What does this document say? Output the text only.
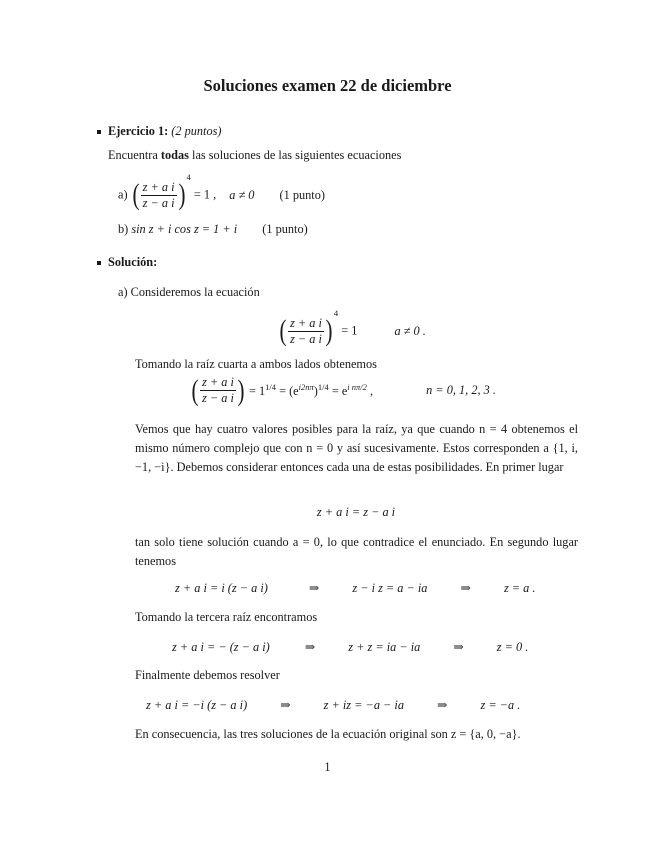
Soluciones examen 22 de diciembre
Ejercicio 1: (2 puntos)
Encuentra todas las soluciones de las siguientes ecuaciones
a) ( $\frac{\text{z + a i}}{\text{z − a i}} )^4 = 1$ , a ≠ 0 (1 punto)
b) sin z + i cos z = 1 + i (1 punto)
Solución:
a) Consideremos la ecuación
( $\frac{\text{z + a i}}{\text{z − a i}} )^4 = 1$	a ≠ 0 .
Tomando la raíz cuarta a ambos lados obtenemos
( $\frac{\text{z + a i}}{\text{z − a i}}$ ) = $1^{1/4} = (e^{i2n\pi})^{1/4} = e^{i n\pi/2}$ ,	n = 0, 1, 2, 3 .
Vemos que hay cuatro valores posibles para la raíz, ya que cuando n = 4 obtenemos el mismo número complejo que con n = 0 y así sucesivamente. Estos corresponden a {1, i, −1, −i}. Debemos considerar entonces cada una de estas posibilidades. En primer lugar
z + a i = z − a i
tan solo tiene solución cuando a = 0, lo que contradice el enunciado. En segundo lugar tenemos
z + a i = i (z − a i)	⇒	z − i z = a − ia	⇒	z = a .
Tomando la tercera raíz encontramos
z + a i = − (z − a i)	⇒	z + z = ia − ia	⇒	z = 0 .
Finalmente debemos resolver
z + a i = −i (z − a i)	⇒	z + iz = −a − ia	⇒	z = −a .
En consecuencia, las tres soluciones de la ecuación original son z = {a, 0, −a}.
1
